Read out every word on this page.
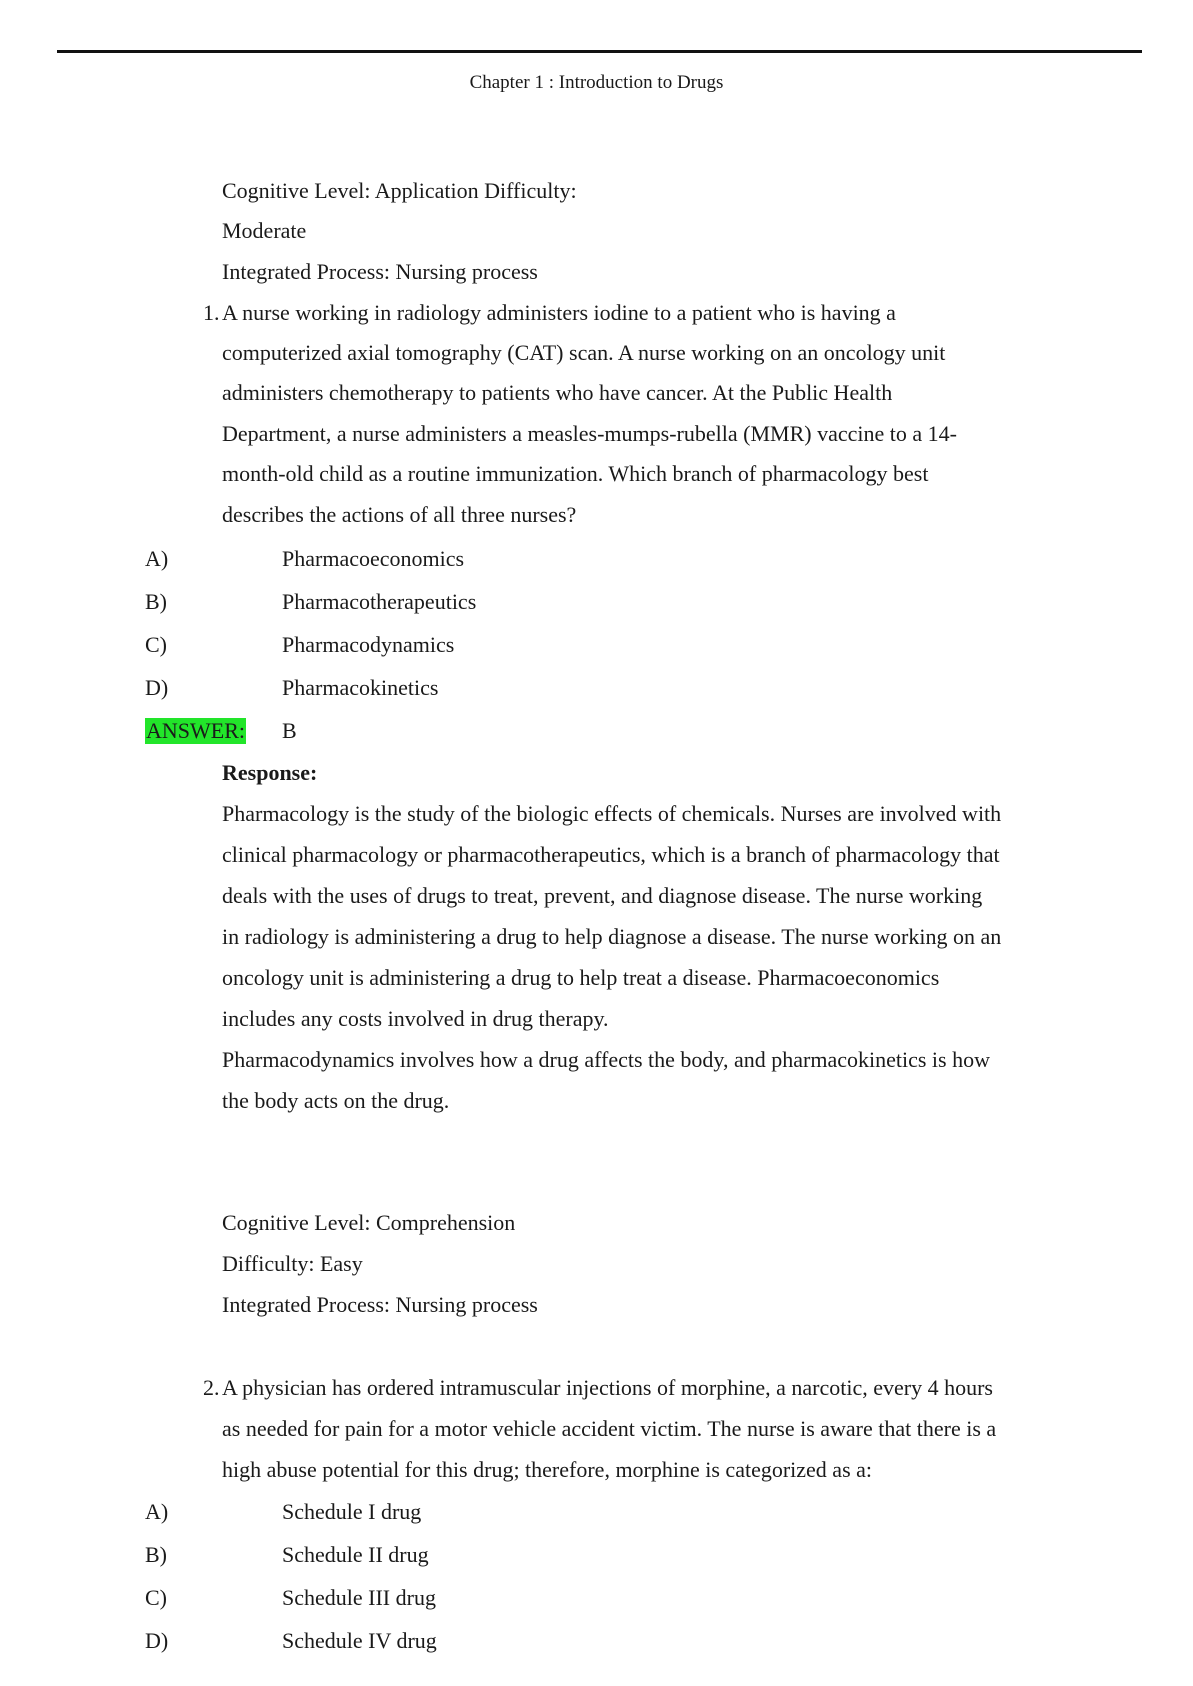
Chapter 1 : Introduction to Drugs
Cognitive Level: Application Difficulty:
Moderate
Integrated Process: Nursing process
1. A nurse working in radiology administers iodine to a patient who is having a
computerized axial tomography (CAT) scan. A nurse working on an oncology unit
administers chemotherapy to patients who have cancer. At the Public Health
Department, a nurse administers a measles-mumps-rubella (MMR) vaccine to a 14-
month-old child as a routine immunization. Which branch of pharmacology best
describes the actions of all three nurses?
A)	Pharmacoeconomics
B)	Pharmacotherapeutics
C)	Pharmacodynamics
D)	Pharmacokinetics
ANSWER: B
Response:
Pharmacology is the study of the biologic effects of chemicals. Nurses are involved with
clinical pharmacology or pharmacotherapeutics, which is a branch of pharmacology that
deals with the uses of drugs to treat, prevent, and diagnose disease. The nurse working
in radiology is administering a drug to help diagnose a disease. The nurse working on an
oncology unit is administering a drug to help treat a disease. Pharmacoeconomics
includes any costs involved in drug therapy.
Pharmacodynamics involves how a drug affects the body, and pharmacokinetics is how
the body acts on the drug.
Cognitive Level: Comprehension
Difficulty: Easy
Integrated Process: Nursing process
2. A physician has ordered intramuscular injections of morphine, a narcotic, every 4 hours
as needed for pain for a motor vehicle accident victim. The nurse is aware that there is a
high abuse potential for this drug; therefore, morphine is categorized as a:
A)	Schedule I drug
B)	Schedule II drug
C)	Schedule III drug
D)	Schedule IV drug
